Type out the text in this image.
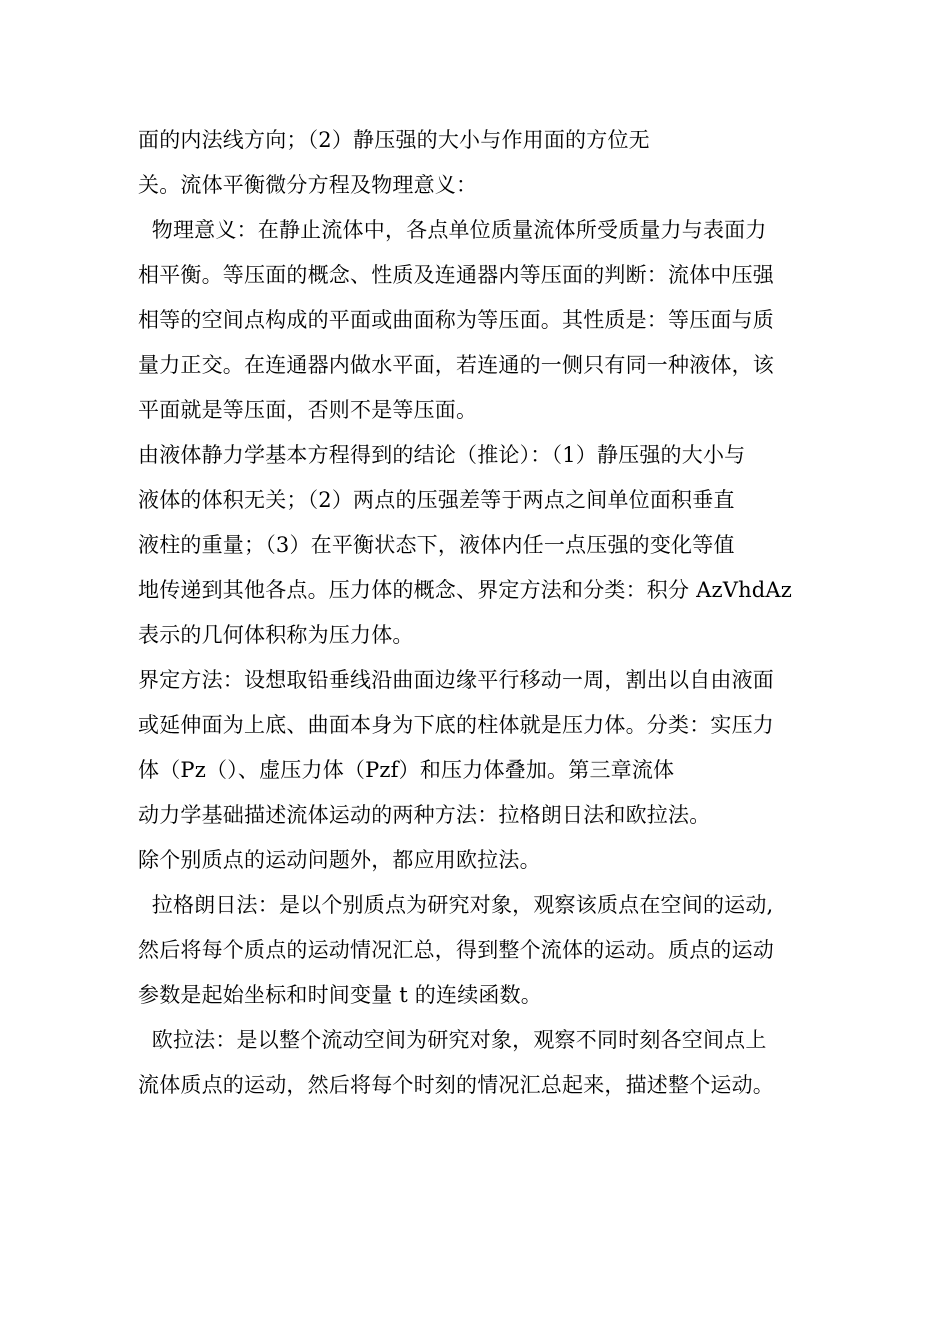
面的内法线方向；（2）静压强的大小与作用面的方位无
关。流体平衡微分方程及物理意义：
物理意义：在静止流体中，各点单位质量流体所受质量力与表面力
相平衡。等压面的概念、性质及连通器内等压面的判断：流体中压强
相等的空间点构成的平面或曲面称为等压面。其性质是：等压面与质
量力正交。在连通器内做水平面，若连通的一侧只有同一种液体，该
平面就是等压面，否则不是等压面。
由液体静力学基本方程得到的结论（推论）：（1）静压强的大小与
液体的体积无关；（2）两点的压强差等于两点之间单位面积垂直
液柱的重量；（3）在平衡状态下，液体内任一点压强的变化等值
地传递到其他各点。压力体的概念、界定方法和分类：积分 AzVhdAz
表示的几何体积称为压力体。
界定方法：设想取铅垂线沿曲面边缘平行移动一周，割出以自由液面
或延伸面为上底、曲面本身为下底的柱体就是压力体。分类：实压力
体（Pz（）、虚压力体（Pzf）和压力体叠加。第三章流体
动力学基础描述流体运动的两种方法：拉格朗日法和欧拉法。
除个别质点的运动问题外，都应用欧拉法。
拉格朗日法：是以个别质点为研究对象，观察该质点在空间的运动,
然后将每个质点的运动情况汇总，得到整个流体的运动。质点的运动
参数是起始坐标和时间变量 t 的连续函数。
欧拉法：是以整个流动空间为研究对象，观察不同时刻各空间点上
流体质点的运动，然后将每个时刻的情况汇总起来，描述整个运动。
